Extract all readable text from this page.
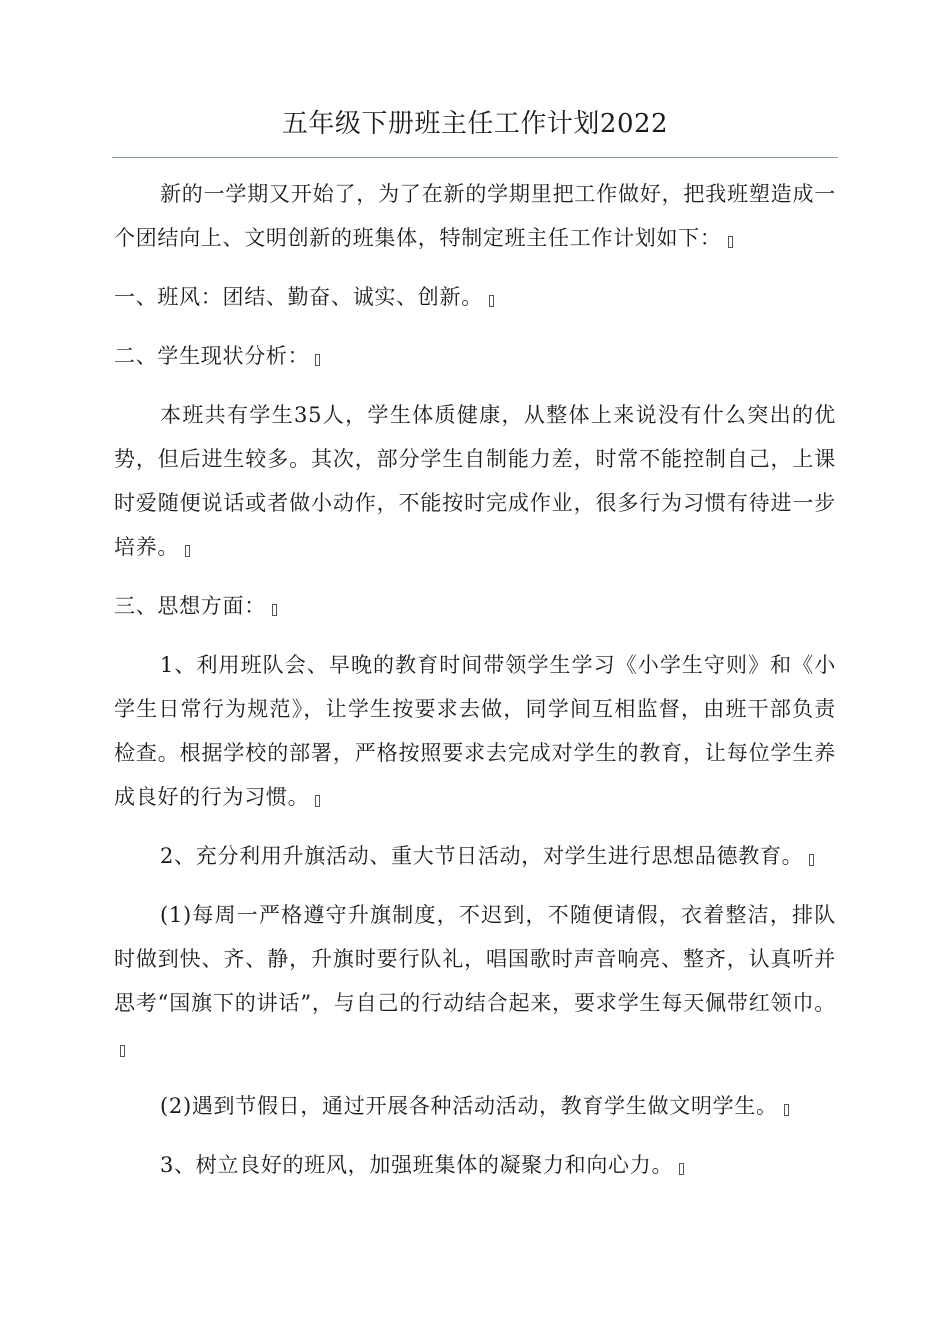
五年级下册班主任工作计划2022

新的一学期又开始了，为了在新的学期里把工作做好，把我班塑造成一个团结向上、文明创新的班集体，特制定班主任工作计划如下：

一、班风：团结、勤奋、诚实、创新。

二、学生现状分析：

本班共有学生35人，学生体质健康，从整体上来说没有什么突出的优势，但后进生较多。其次，部分学生自制能力差，时常不能控制自己，上课时爱随便说话或者做小动作，不能按时完成作业，很多行为习惯有待进一步培养。

三、思想方面：

1、利用班队会、早晚的教育时间带领学生学习《小学生守则》和《小学生日常行为规范》，让学生按要求去做，同学间互相监督，由班干部负责检查。根据学校的部署，严格按照要求去完成对学生的教育，让每位学生养成良好的行为习惯。

2、充分利用升旗活动、重大节日活动，对学生进行思想品德教育。

(1)每周一严格遵守升旗制度，不迟到，不随便请假，衣着整洁，排队时做到快、齐、静，升旗时要行队礼，唱国歌时声音响亮、整齐，认真听并思考“国旗下的讲话”，与自己的行动结合起来，要求学生每天佩带红领巾。

(2)遇到节假日，通过开展各种活动活动，教育学生做文明学生。

3、树立良好的班风，加强班集体的凝聚力和向心力。
